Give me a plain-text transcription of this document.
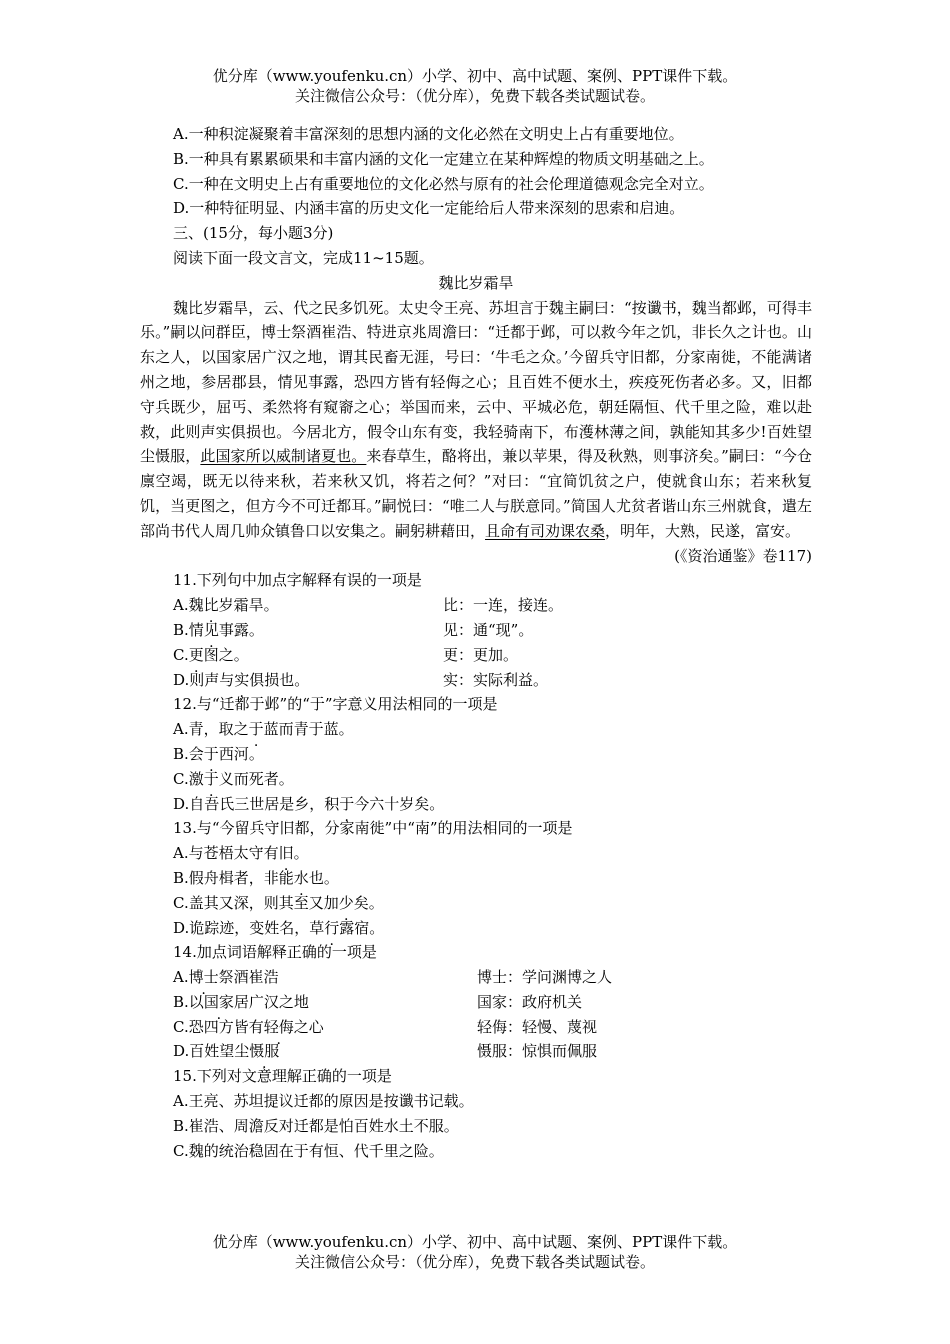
优分库（www.youfenku.cn）小学、初中、高中试题、案例、PPT课件下载。
关注微信公众号：（优分库），免费下载各类试题试卷。
A.一种积淀凝聚着丰富深刻的思想内涵的文化必然在文明史上占有重要地位。
B.一种具有累累硕果和丰富内涵的文化一定建立在某种辉煌的物质文明基础之上。
C.一种在文明史上占有重要地位的文化必然与原有的社会伦理道德观念完全对立。
D.一种特征明显、内涵丰富的历史文化一定能给后人带来深刻的思索和启迪。
三、(15分，每小题3分)
阅读下面一段文言文，完成11~15题。
魏比岁霜旱
魏比岁霜旱，云、代之民多饥死。太史令王亮、苏坦言于魏主嗣曰：“按谶书，魏当都邺，可得丰乐。”嗣以问群臣，博士祭酒崔浩、特进京兆周澹曰：“迁都于邺，可以救今年之饥，非长久之计也。山东之人，以国家居广汉之地，谓其民畜无涯，号曰：‘牛毛之众。’今留兵守旧都，分家南徙，不能满诸州之地，参居郡县，情见事露，恐四方皆有轻侮之心；且百姓不便水土，疾疫死伤者必多。又，旧都守兵既少，屈丐、柔然将有窥窬之心；举国而来，云中、平城必危，朝廷隔恒、代千里之险，难以赴救，此则声实俱损也。今居北方，假令山东有变，我轻骑南下，布濩林薄之间，孰能知其多少!百姓望尘慑服，此国家所以威制诸夏也。来春草生，酪将出，兼以苹果，得及秋熟，则事济矣。”嗣曰：“今仓廪空竭，既无以待来秋，若来秋又饥，将若之何？”对曰：“宜简饥贫之户，使就食山东；若来秋复饥，当更图之，但方今不可迁都耳。”嗣悦曰：“唯二人与朕意同。”简国人尤贫者谐山东三州就食，遣左部尚书代人周几帅众镇鲁口以安集之。嗣躬耕藉田，且命有司劝课农桑，明年，大熟，民遂，富安。
(《资治通鉴》卷117)
11.下列句中加点字解释有误的一项是
A.魏比岁霜旱。	比：一连，接连。
B.情见事露。	见：通“现”。
C.更图之。	更：更加。
D.则声与实俱损也。	实：实际利益。
12.与“迁都于邺”的“于”字意义用法相同的一项是
A.青，取之于蓝而青于蓝。
B.会于西河。
C.激于义而死者。
D.自吾氏三世居是乡，积于今六十岁矣。
13.与“今留兵守旧都，分家南徙”中“南”的用法相同的一项是
A.与苍梧太守有旧。
B.假舟楫者，非能水也。
C.盖其又深，则其至又加少矣。
D.诡踪迹，变姓名，草行露宿。
14.加点词语解释正确的一项是
A.博士祭酒崔浩	博士：学问渊博之人
B.以国家居广汉之地	国家：政府机关
C.恐四方皆有轻侮之心	轻侮：轻慢、蔑视
D.百姓望尘慑服	慑服：惊惧而佩服
15.下列对文意理解正确的一项是
A.王亮、苏坦提议迁都的原因是按谶书记载。
B.崔浩、周澹反对迁都是怕百姓水土不服。
C.魏的统治稳固在于有恒、代千里之险。
优分库（www.youfenku.cn）小学、初中、高中试题、案例、PPT课件下载。
关注微信公众号：（优分库），免费下载各类试题试卷。
